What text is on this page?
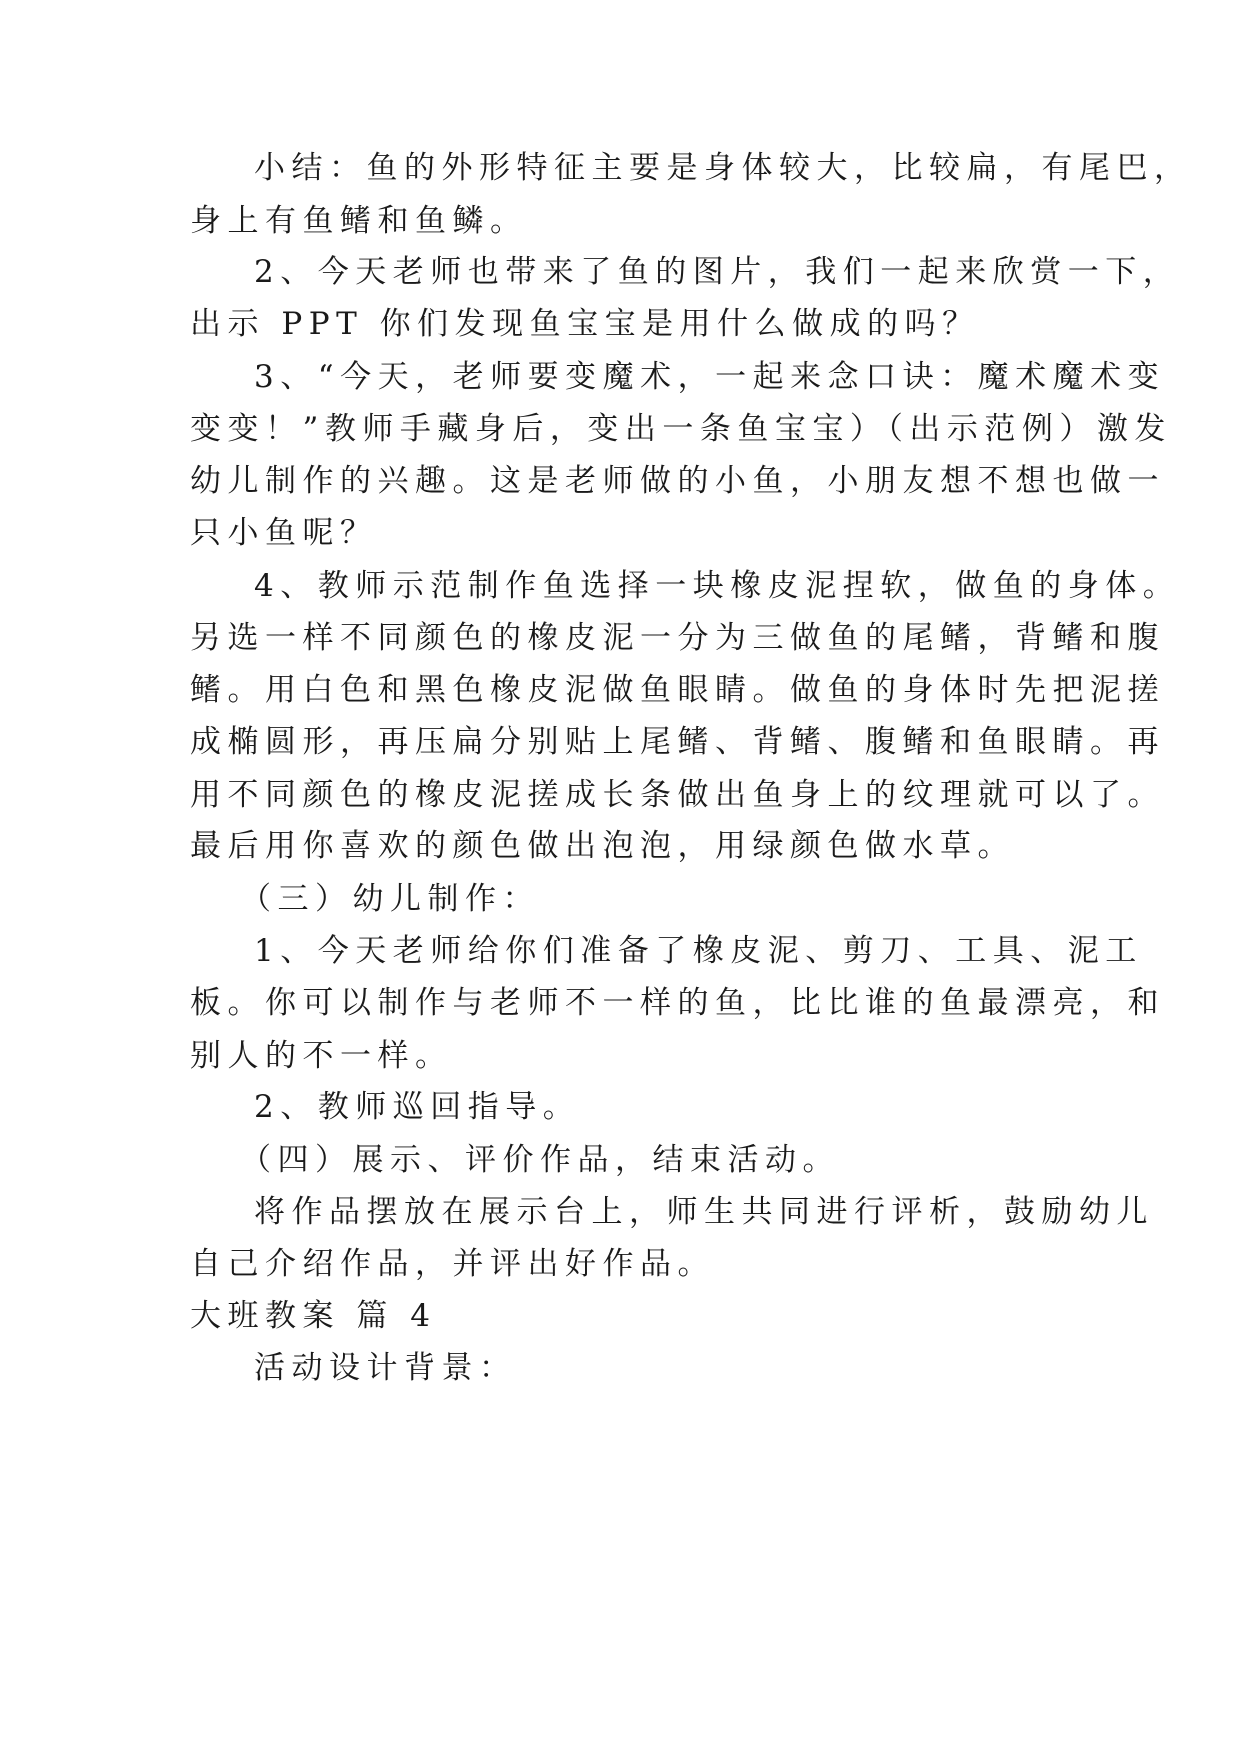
小结：鱼的外形特征主要是身体较大，比较扁，有尾巴，
身上有鱼鳍和鱼鳞。
2、今天老师也带来了鱼的图片，我们一起来欣赏一下，
出示 PPT 你们发现鱼宝宝是用什么做成的吗？
3、“今天，老师要变魔术，一起来念口诀：魔术魔术变
变变！”教师手藏身后，变出一条鱼宝宝）（出示范例）激发
幼儿制作的兴趣。这是老师做的小鱼，小朋友想不想也做一
只小鱼呢？
4、教师示范制作鱼选择一块橡皮泥捏软，做鱼的身体。
另选一样不同颜色的橡皮泥一分为三做鱼的尾鳍，背鳍和腹
鳍。用白色和黑色橡皮泥做鱼眼睛。做鱼的身体时先把泥搓
成椭圆形，再压扁分别贴上尾鳍、背鳍、腹鳍和鱼眼睛。再
用不同颜色的橡皮泥搓成长条做出鱼身上的纹理就可以了。
最后用你喜欢的颜色做出泡泡，用绿颜色做水草。
（三）幼儿制作：
1、今天老师给你们准备了橡皮泥、剪刀、工具、泥工
板。你可以制作与老师不一样的鱼，比比谁的鱼最漂亮，和
别人的不一样。
2、教师巡回指导。
（四）展示、评价作品，结束活动。
将作品摆放在展示台上，师生共同进行评析，鼓励幼儿
自己介绍作品，并评出好作品。
大班教案 篇 4
活动设计背景：
